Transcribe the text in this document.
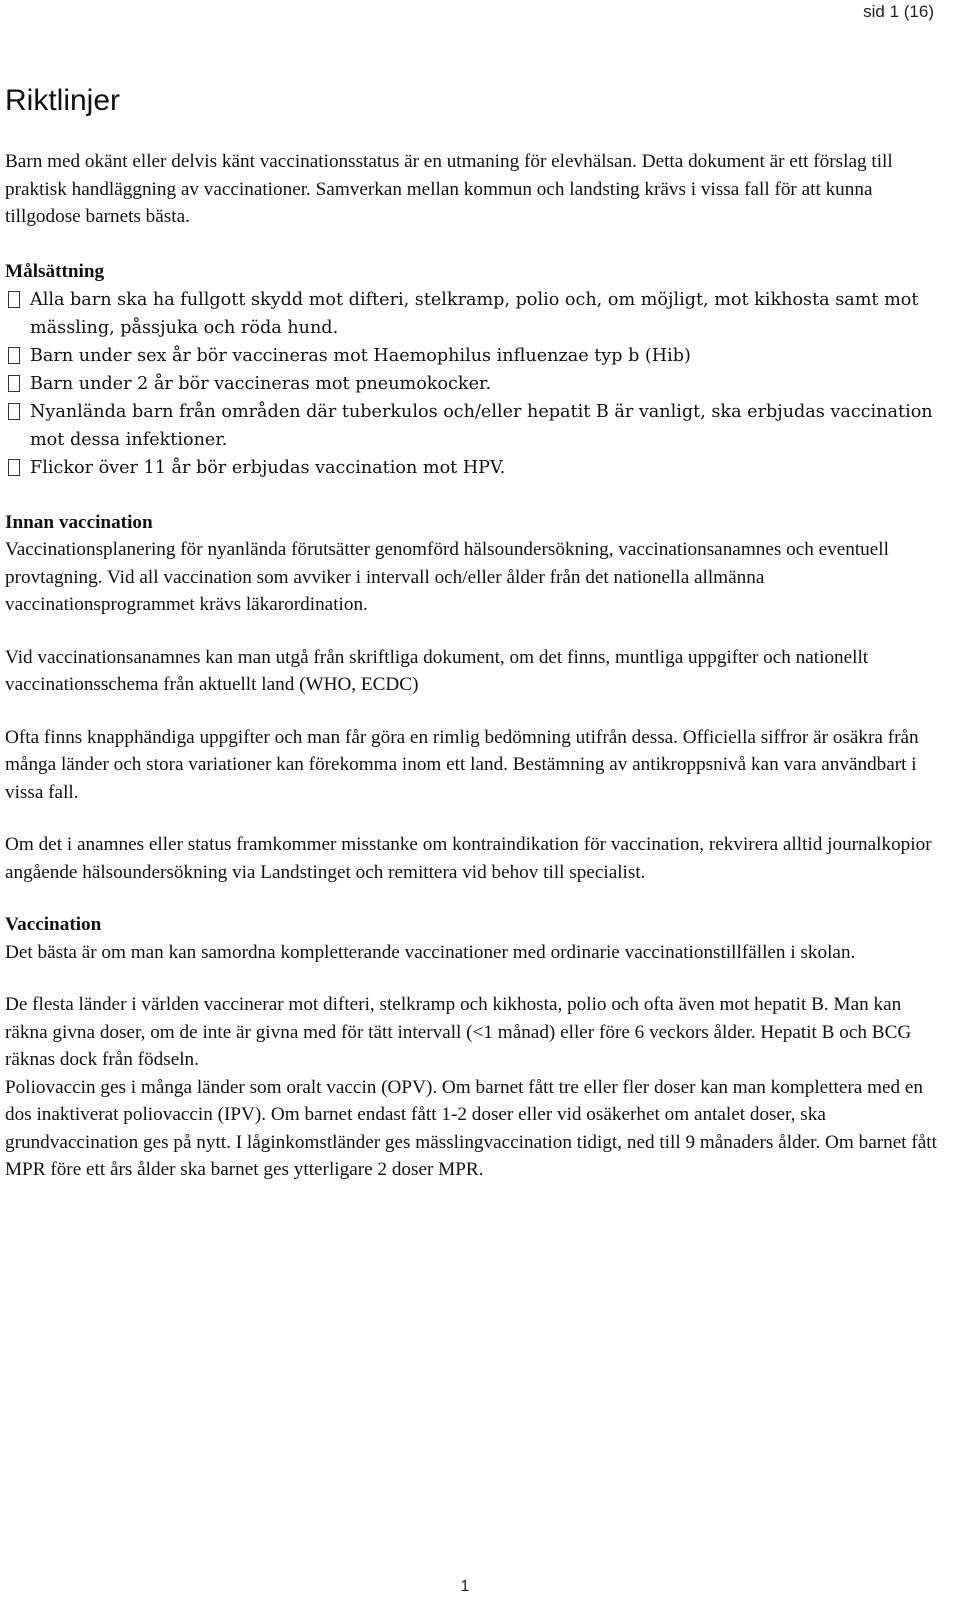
sid 1 (16)
Riktlinjer

Barn med okänt eller delvis känt vaccinationsstatus är en utmaning för elevhälsan. Detta dokument är ett förslag till praktisk handläggning av vaccinationer. Samverkan mellan kommun och landsting krävs i vissa fall för att kunna tillgodose barnets bästa.

Målsättning

Alla barn ska ha fullgott skydd mot difteri, stelkramp, polio och, om möjligt, mot kikhosta samt mot mässling, påssjuka och röda hund.
Barn under sex år bör vaccineras mot Haemophilus influenzae typ b (Hib)
Barn under 2 år bör vaccineras mot pneumokocker.
Nyanlända barn från områden där tuberkulos och/eller hepatit B är vanligt, ska erbjudas vaccination mot dessa infektioner.
Flickor över 11 år bör erbjudas vaccination mot HPV.

Innan vaccination

Vaccinationsplanering för nyanlända förutsätter genomförd hälsoundersökning, vaccinationsanamnes och eventuell provtagning. Vid all vaccination som avviker i intervall och/eller ålder från det nationella allmänna vaccinationsprogrammet krävs läkarordination.

Vid vaccinationsanamnes kan man utgå från skriftliga dokument, om det finns, muntliga uppgifter och nationellt vaccinationsschema från aktuellt land (WHO, ECDC)

Ofta finns knapphändiga uppgifter och man får göra en rimlig bedömning utifrån dessa. Officiella siffror är osäkra från många länder och stora variationer kan förekomma inom ett land. Bestämning av antikroppsnivå kan vara användbart i vissa fall.

Om det i anamnes eller status framkommer misstanke om kontraindikation för vaccination, rekvirera alltid journalkopior angående hälsoundersökning via Landstinget och remittera vid behov till specialist.

Vaccination

Det bästa är om man kan samordna kompletterande vaccinationer med ordinarie vaccinationstillfällen i skolan.

De flesta länder i världen vaccinerar mot difteri, stelkramp och kikhosta, polio och ofta även mot hepatit B. Man kan räkna givna doser, om de inte är givna med för tätt intervall (<1 månad) eller före 6 veckors ålder. Hepatit B och BCG räknas dock från födseln.

Poliovaccin ges i många länder som oralt vaccin (OPV). Om barnet fått tre eller fler doser kan man komplettera med en dos inaktiverat poliovaccin (IPV). Om barnet endast fått 1-2 doser eller vid osäkerhet om antalet doser, ska grundvaccination ges på nytt. I låginkomstländer ges mässlingvaccination tidigt, ned till 9 månaders ålder. Om barnet fått MPR före ett års ålder ska barnet ges ytterligare 2 doser MPR.

1
